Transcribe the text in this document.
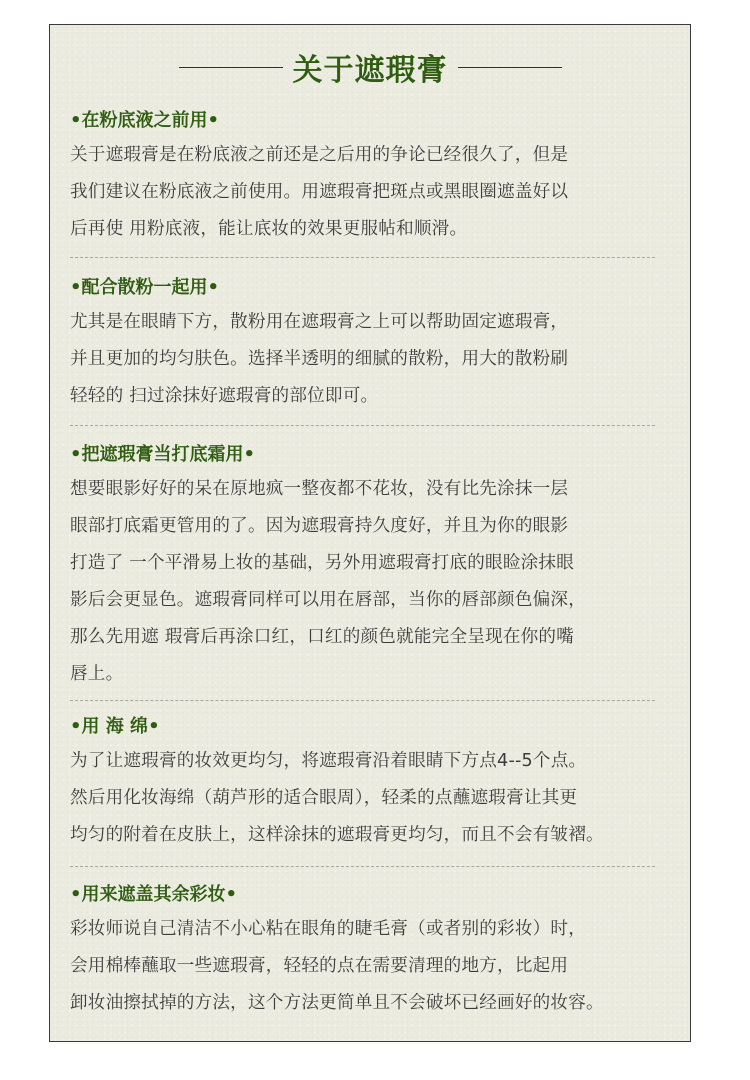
关于遮瑕膏
•在粉底液之前用•

关于遮瑕膏是在粉底液之前还是之后用的争论已经很久了，但是

我们建议在粉底液之前使用。用遮瑕膏把斑点或黑眼圈遮盖好以

后再使 用粉底液，能让底妆的效果更服帖和顺滑。

•配合散粉一起用•

尤其是在眼睛下方，散粉用在遮瑕膏之上可以帮助固定遮瑕膏，

并且更加的均匀肤色。选择半透明的细腻的散粉，用大的散粉刷

轻轻的 扫过涂抹好遮瑕膏的部位即可。

•把遮瑕膏当打底霜用•

想要眼影好好的呆在原地疯一整夜都不花妆，没有比先涂抹一层

眼部打底霜更管用的了。因为遮瑕膏持久度好，并且为你的眼影

打造了 一个平滑易上妆的基础，另外用遮瑕膏打底的眼睑涂抹眼

影后会更显色。遮瑕膏同样可以用在唇部，当你的唇部颜色偏深，

那么先用遮 瑕膏后再涂口红，口红的颜色就能完全呈现在你的嘴

唇上。

•用 海 绵•

为了让遮瑕膏的妆效更均匀，将遮瑕膏沿着眼睛下方点4--5个点。

然后用化妆海绵（葫芦形的适合眼周），轻柔的点蘸遮瑕膏让其更

均匀的附着在皮肤上，这样涂抹的遮瑕膏更均匀，而且不会有皱褶。

•用来遮盖其余彩妆•

彩妆师说自己清洁不小心粘在眼角的睫毛膏（或者别的彩妆）时，

会用棉棒蘸取一些遮瑕膏，轻轻的点在需要清理的地方，比起用

卸妆油擦拭掉的方法，这个方法更简单且不会破坏已经画好的妆容。
